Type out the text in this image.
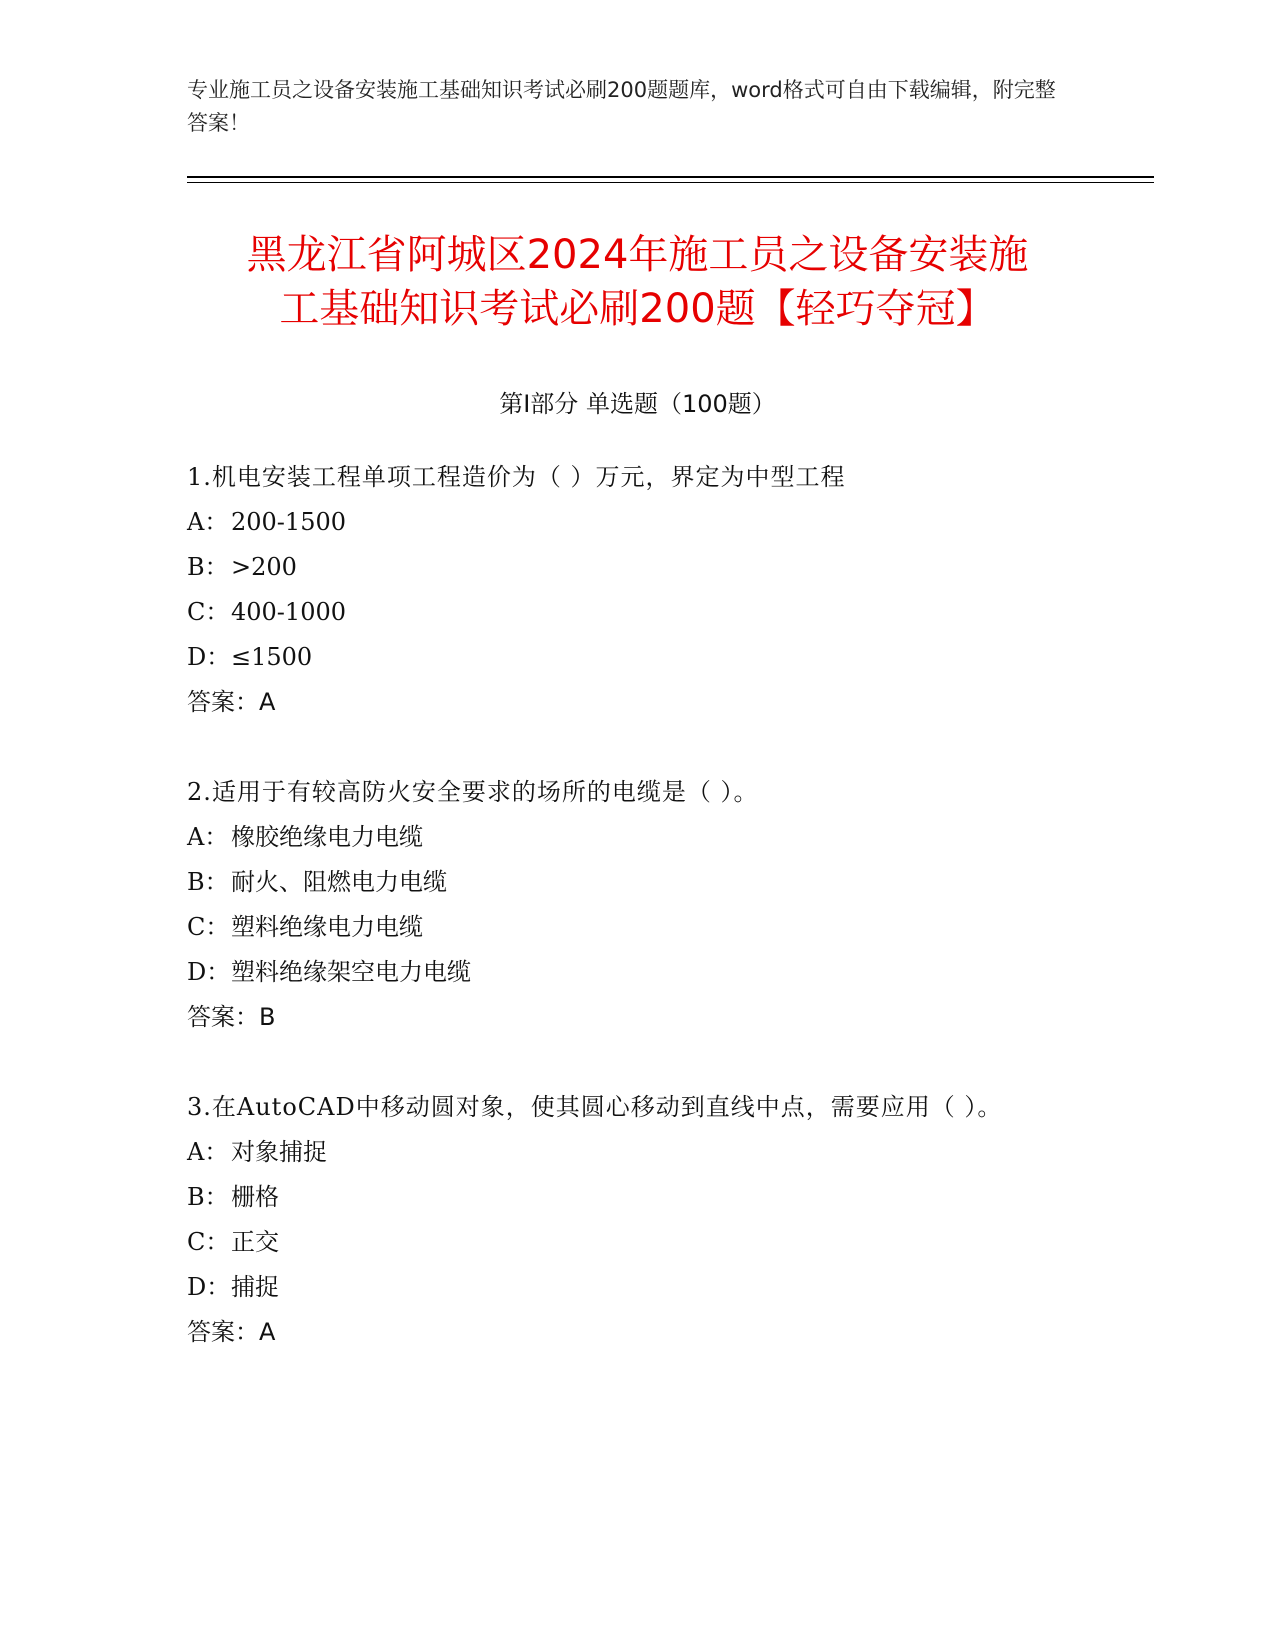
专业施工员之设备安装施工基础知识考试必刷200题题库，word格式可自由下载编辑，附完整答案！
黑龙江省阿城区2024年施工员之设备安装施
工基础知识考试必刷200题【轻巧夺冠】
第Ⅰ部分 单选题（100题）
1.机电安装工程单项工程造价为（ ）万元，界定为中型工程
A： 200-1500
B：>200
C：400-1000
D：≤1500
答案：A
2.适用于有较高防火安全要求的场所的电缆是（ ）。
A： 橡胶绝缘电力电缆
B：耐火、阻燃电力电缆
C：塑料绝缘电力电缆
D：塑料绝缘架空电力电缆
答案：B
3.在AutoCAD中移动圆对象，使其圆心移动到直线中点，需要应用（ ）。
A： 对象捕捉
B：栅格
C：正交
D：捕捉
答案：A
